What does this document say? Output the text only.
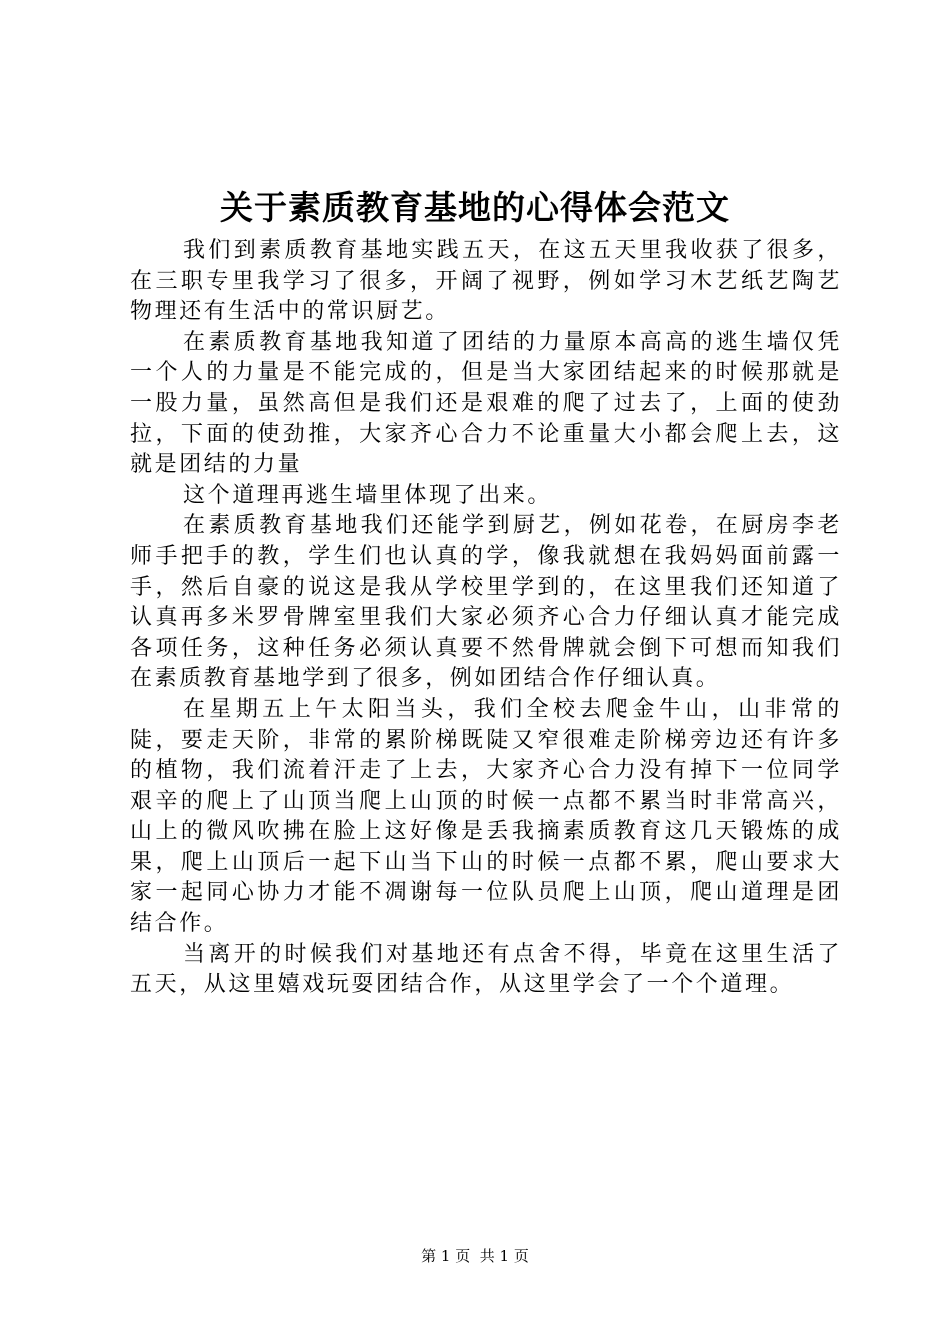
关于素质教育基地的心得体会范文

我们到素质教育基地实践五天，在这五天里我收获了很多，在三职专里我学习了很多，开阔了视野，例如学习木艺纸艺陶艺物理还有生活中的常识厨艺。

在素质教育基地我知道了团结的力量原本高高的逃生墙仅凭一个人的力量是不能完成的，但是当大家团结起来的时候那就是一股力量，虽然高但是我们还是艰难的爬了过去了，上面的使劲拉，下面的使劲推，大家齐心合力不论重量大小都会爬上去，这就是团结的力量

这个道理再逃生墙里体现了出来。

在素质教育基地我们还能学到厨艺，例如花卷，在厨房李老师手把手的教，学生们也认真的学，像我就想在我妈妈面前露一手，然后自豪的说这是我从学校里学到的，在这里我们还知道了认真再多米罗骨牌室里我们大家必须齐心合力仔细认真才能完成各项任务，这种任务必须认真要不然骨牌就会倒下可想而知我们在素质教育基地学到了很多，例如团结合作仔细认真。

在星期五上午太阳当头，我们全校去爬金牛山，山非常的陡，要走天阶，非常的累阶梯既陡又窄很难走阶梯旁边还有许多的植物，我们流着汗走了上去，大家齐心合力没有掉下一位同学艰辛的爬上了山顶当爬上山顶的时候一点都不累当时非常高兴，山上的微风吹拂在脸上这好像是丢我摘素质教育这几天锻炼的成果，爬上山顶后一起下山当下山的时候一点都不累，爬山要求大家一起同心协力才能不凋谢每一位队员爬上山顶，爬山道理是团结合作。

当离开的时候我们对基地还有点舍不得，毕竟在这里生活了五天，从这里嬉戏玩耍团结合作，从这里学会了一个个道理。

第 1 页 共 1 页
